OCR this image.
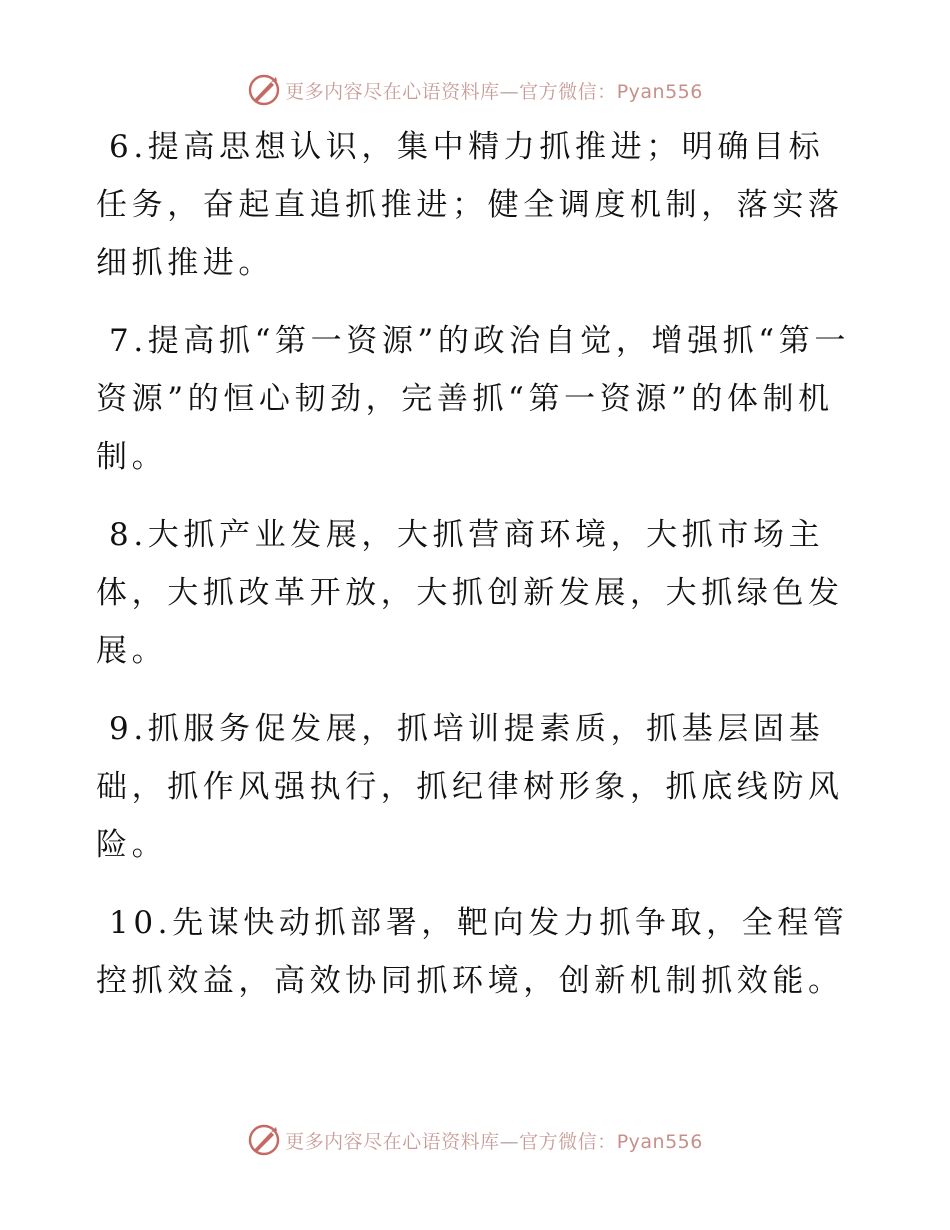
更多内容尽在心语资料库—官方微信：Pyan556

6.提高思想认识，集中精力抓推进；明确目标任务，奋起直追抓推进；健全调度机制，落实落细抓推进。

7.提高抓“第一资源”的政治自觉，增强抓“第一资源”的恒心韧劲，完善抓“第一资源”的体制机制。

8.大抓产业发展，大抓营商环境，大抓市场主体，大抓改革开放，大抓创新发展，大抓绿色发展。

9.抓服务促发展，抓培训提素质，抓基层固基础，抓作风强执行，抓纪律树形象，抓底线防风险。

10.先谋快动抓部署，靶向发力抓争取，全程管控抓效益，高效协同抓环境，创新机制抓效能。

更多内容尽在心语资料库—官方微信：Pyan556
